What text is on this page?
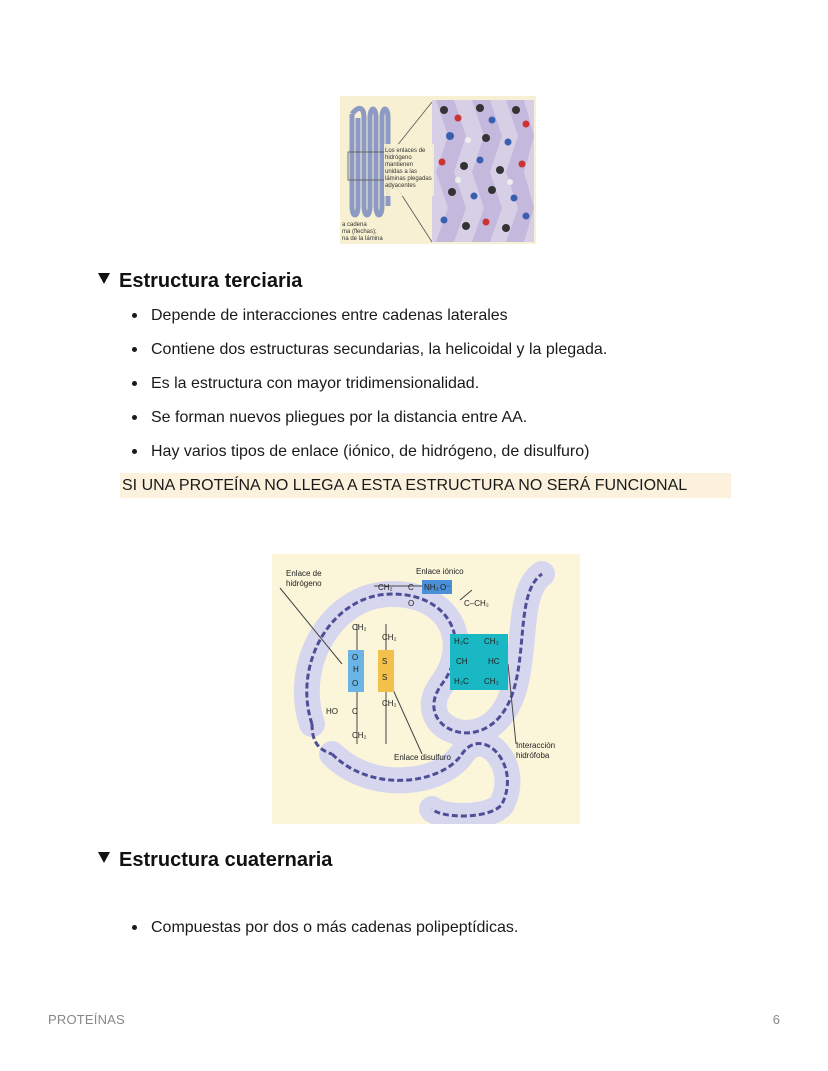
Los enlaces de hidrógeno mantienen unidas a las láminas plegadas adyacentes
a cadena ma (flechas); na de la lámina
Estructura terciaria
Depende de interacciones entre cadenas laterales
Contiene dos estructuras secundarias, la helicoidal y la plegada.
Es la estructura con mayor tridimensionalidad.
Se forman nuevos pliegues por la distancia entre AA.
Hay varios tipos de enlace (iónico, de hidrógeno, de disulfuro)
SI UNA PROTEÍNA NO LLEGA A ESTA ESTRUCTURA NO SERÁ FUNCIONAL
CH₂ C NH₃ O⁻
O	C–CH₂
CH₂
CH₂
O
H
O
S
S
CH₂
HO C
CH₂
H₃C CH₃
CH	HC
H₃C CH₃
Enlace de
hidrógeno
Enlace iónico
Enlace disulfuro
Interacción
hidrófoba
Estructura cuaternaria
Compuestas por dos o más cadenas polipeptídicas.
PROTEÍNAS	6
